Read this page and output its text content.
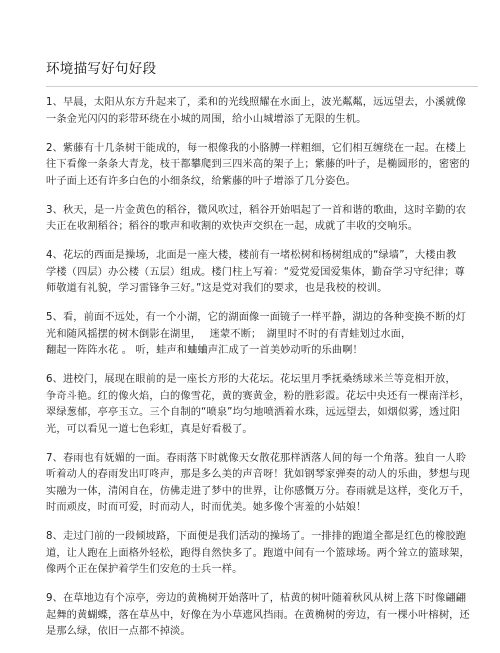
环境描写好句好段
1、早晨，太阳从东方升起来了，柔和的光线照耀在水面上，波光粼粼，远远望去，小溪就像
一条金光闪闪的彩带环绕在小城的周围，给小山城增添了无限的生机。
2、紫藤有十几条树干能成的，每一根像我的小胳膊一样粗细，它们相互缠绕在一起。在楼上
往下看像一条条大青龙，枝干都攀爬到三四米高的架子上；紫藤的叶子，是椭圆形的，密密的
叶子面上还有许多白色的小细条纹，给紫藤的叶子增添了几分姿色。
3、秋天，是一片金黄色的稻谷，微风吹过，稻谷开始唱起了一首和谐的歌曲，这时辛勤的农
夫正在收割稻谷；稻谷的歌声和收割的欢快声交织在一起，成就了丰收的交响乐。
4、花坛的西面是操场，北面是一座大楼，楼前有一堵松树和杨树组成的“绿墙”，大楼由教
学楼（四层）办公楼（五层）组成。楼门柱上写着：“爱党爱国爱集体，勤奋学习守纪律；尊
师敬道有礼貌，学习雷锋争三好。”这是党对我们的要求，也是我校的校训。
5、看，前面不远处，有一个小湖，它的湖面像一面镜子一样平静，湖边的各种变换不断的灯
光和随风摇摆的树木倒影在湖里，　 迷蒙不断；　湖里时不时的有青蛙划过水面，
翻起一阵阵水花 。 听，蛙声和蛐蛐声汇成了一首美妙动听的乐曲啊！
6、进校门，展现在眼前的是一座长方形的大花坛。花坛里月季抚桑绣球米兰等竞相开放，
争奇斗艳。红的像火焰，白的像雪花，黄的赛黄金，粉的胜彩霞。花坛中央还有一棵南洋杉，
翠绿葱郁，亭亭玉立。三个自制的“喷泉”均匀地喷洒着水珠，远远望去，如烟似雾，透过阳
光，可以看见一道七色彩虹，真是好看极了。
7、春雨也有妩媚的一面。春雨落下时就像天女散花那样洒落人间的每一个角落。独自一人聆
听着动人的春雨发出叮咚声，那是多么美的声音呀！犹如钢琴家弹奏的动人的乐曲，梦想与现
实融为一体，清闲自在，仿佛走进了梦中的世界，让你感慨万分。春雨就是这样，变化万千，
时而顽皮，时而可爱，时而动人，时而优美。她多像个害羞的小姑娘！
8、走过门前的一段倾坡路，下面便是我们活动的操场了。一排排的跑道全都是红色的橡胶跑
道，让人跑在上面格外轻松，跑得自然快多了。跑道中间有一个篮球场。两个耸立的篮球架，
像两个正在保护着学生们安危的士兵一样。
9、在草地边有个凉亭，旁边的黄桷树开始落叶了，枯黄的树叶随着秋风从树上落下时像翩翩
起舞的黄蝴蝶，落在草丛中，好像在为小草遮风挡雨。在黄桷树的旁边，有一棵小叶榕树，还
是那么绿，依旧一点都不掉淡。
